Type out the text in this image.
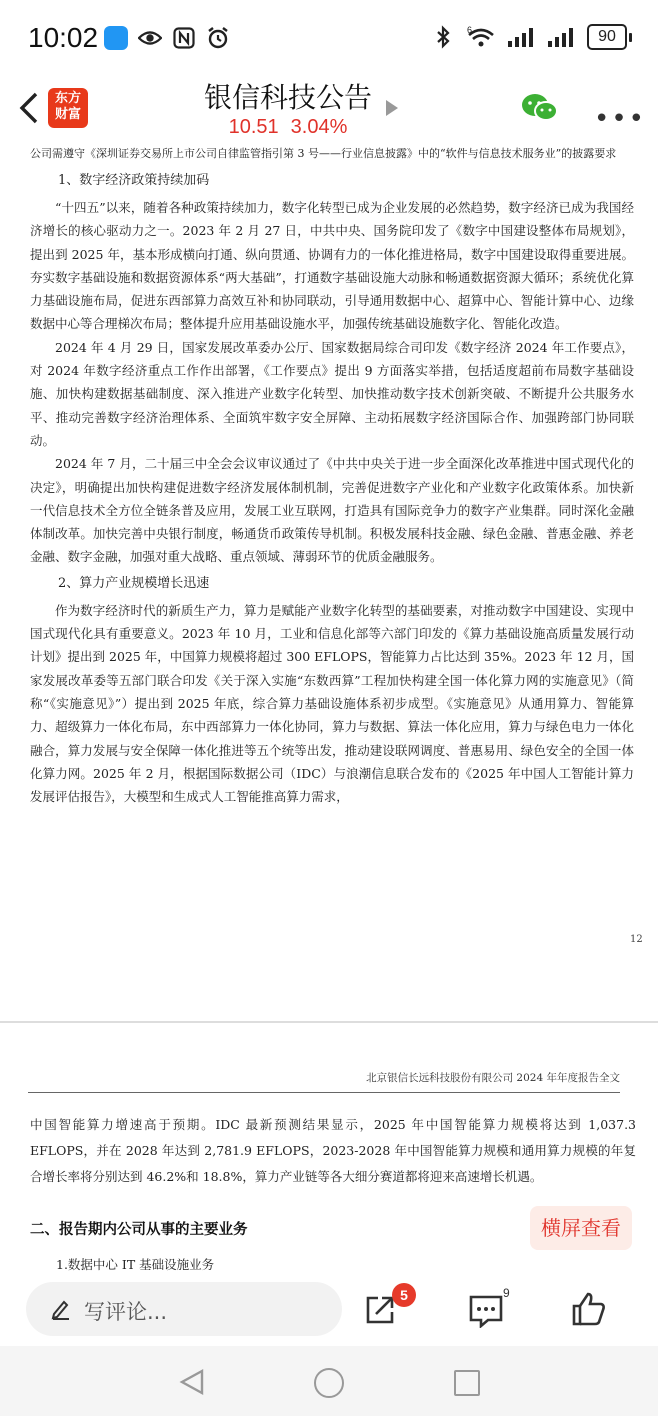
10:02	6	90
东方
财富
银信科技公告
10.51 3.04%	•••

公司需遵守《深圳证券交易所上市公司自律监管指引第 3 号——行业信息披露》中的“软件与信息技术服务业”的披露要求

1、数字经济政策持续加码

“十四五”以来，随着各种政策持续加力，数字化转型已成为企业发展的必然趋势，数字经济已成为我国经济增长的核心驱动力之一。2023 年 2 月 27 日，中共中央、国务院印发了《数字中国建设整体布局规划》，提出到 2025 年，基本形成横向打通、纵向贯通、协调有力的一体化推进格局，数字中国建设取得重要进展。夯实数字基础设施和数据资源体系“两大基础”，打通数字基础设施大动脉和畅通数据资源大循环；系统优化算力基础设施布局，促进东西部算力高效互补和协同联动，引导通用数据中心、超算中心、智能计算中心、边缘数据中心等合理梯次布局；整体提升应用基础设施水平，加强传统基础设施数字化、智能化改造。

2024 年 4 月 29 日，国家发展改革委办公厅、国家数据局综合司印发《数字经济 2024 年工作要点》，对 2024 年数字经济重点工作作出部署，《工作要点》提出 9 方面落实举措，包括适度超前布局数字基础设施、加快构建数据基础制度、深入推进产业数字化转型、加快推动数字技术创新突破、不断提升公共服务水平、推动完善数字经济治理体系、全面筑牢数字安全屏障、主动拓展数字经济国际合作、加强跨部门协同联动。

2024 年 7 月，二十届三中全会会议审议通过了《中共中央关于进一步全面深化改革推进中国式现代化的决定》，明确提出加快构建促进数字经济发展体制机制，完善促进数字产业化和产业数字化政策体系。加快新一代信息技术全方位全链条普及应用，发展工业互联网，打造具有国际竞争力的数字产业集群。同时深化金融体制改革。加快完善中央银行制度，畅通货币政策传导机制。积极发展科技金融、绿色金融、普惠金融、养老金融、数字金融，加强对重大战略、重点领域、薄弱环节的优质金融服务。

2、算力产业规模增长迅速

作为数字经济时代的新质生产力，算力是赋能产业数字化转型的基础要素，对推动数字中国建设、实现中国式现代化具有重要意义。2023 年 10 月，工业和信息化部等六部门印发的《算力基础设施高质量发展行动计划》提出到 2025 年，中国算力规模将超过 300 EFLOPS，智能算力占比达到 35%。2023 年 12 月，国家发展改革委等五部门联合印发《关于深入实施“东数西算”工程加快构建全国一体化算力网的实施意见》（简称“《实施意见》”）提出到 2025 年底，综合算力基础设施体系初步成型。《实施意见》从通用算力、智能算力、超级算力一体化布局，东中西部算力一体化协同，算力与数据、算法一体化应用，算力与绿色电力一体化融合，算力发展与安全保障一体化推进等五个统等出发，推动建设联网调度、普惠易用、绿色安全的全国一体化算力网。2025 年 2 月，根据国际数据公司（IDC）与浪潮信息联合发布的《2025 年中国人工智能计算力发展评估报告》，大模型和生成式人工智能推高算力需求，

12
北京银信长远科技股份有限公司 2024 年年度报告全文

中国智能算力增速高于预期。IDC 最新预测结果显示，2025 年中国智能算力规模将达到 1,037.3 EFLOPS，并在 2028 年达到 2,781.9 EFLOPS，2023-2028 年中国智能算力规模和通用算力规模的年复合增长率将分别达到 46.2%和 18.8%，算力产业链等各大细分赛道都将迎来高速增长机遇。

二、报告期内公司从事的主要业务

1.数据中心 IT 基础设施业务

横屏查看
写评论...
5	9
